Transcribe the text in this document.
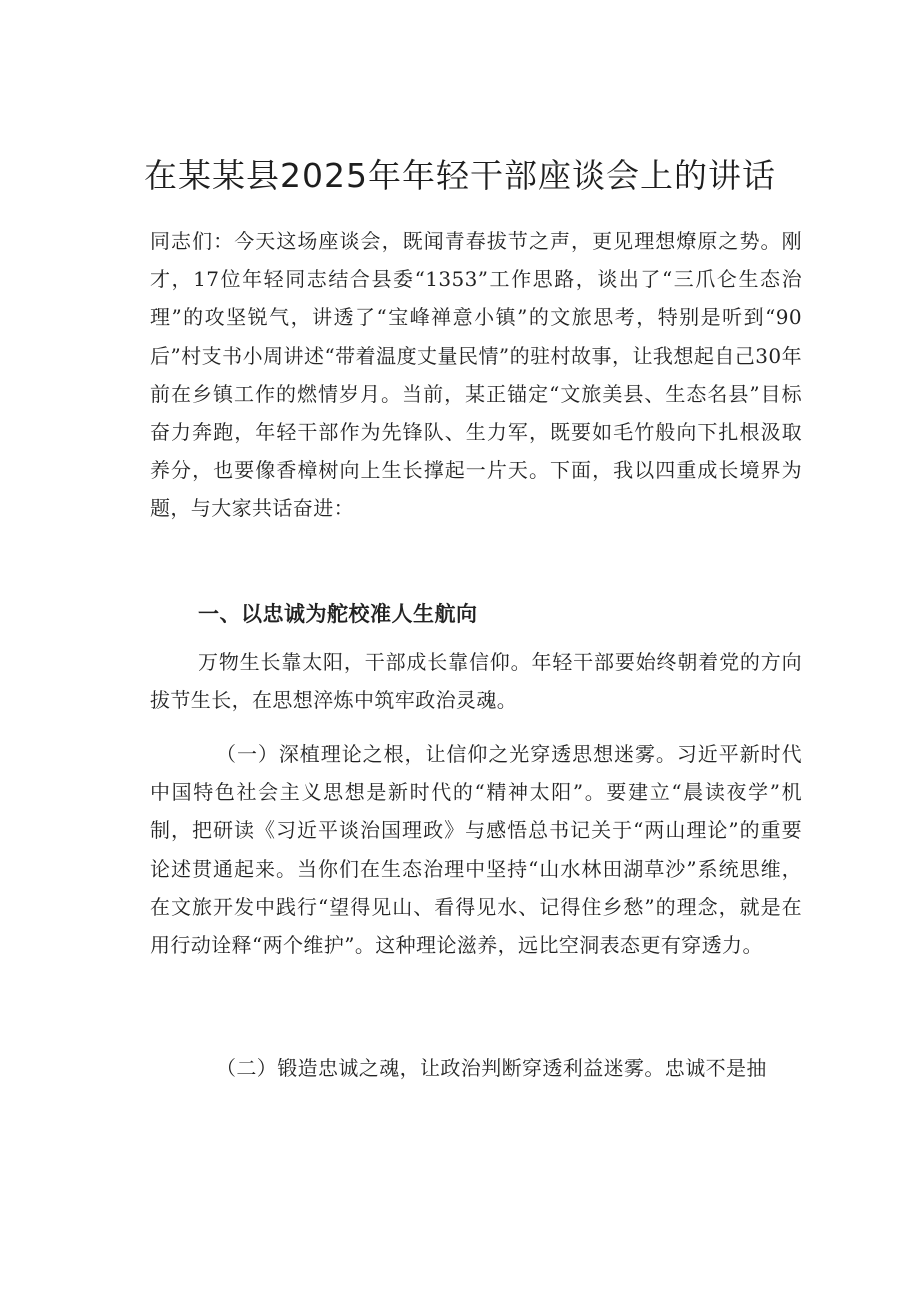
在某某县2025年年轻干部座谈会上的讲话

同志们：今天这场座谈会，既闻青春拔节之声，更见理想燎原之势。刚才，17位年轻同志结合县委“1353”工作思路，谈出了“三爪仑生态治理”的攻坚锐气，讲透了“宝峰禅意小镇”的文旅思考，特别是听到“90后”村支书小周讲述“带着温度丈量民情”的驻村故事，让我想起自己30年前在乡镇工作的燃情岁月。当前，某正锚定“文旅美县、生态名县”目标奋力奔跑，年轻干部作为先锋队、生力军，既要如毛竹般向下扎根汲取养分，也要像香樟树向上生长撑起一片天。下面，我以四重成长境界为题，与大家共话奋进：

一、以忠诚为舵校准人生航向

万物生长靠太阳，干部成长靠信仰。年轻干部要始终朝着党的方向拔节生长，在思想淬炼中筑牢政治灵魂。

（一）深植理论之根，让信仰之光穿透思想迷雾。习近平新时代中国特色社会主义思想是新时代的“精神太阳”。要建立“晨读夜学”机制，把研读《习近平谈治国理政》与感悟总书记关于“两山理论”的重要论述贯通起来。当你们在生态治理中坚持“山水林田湖草沙”系统思维，在文旅开发中践行“望得见山、看得见水、记得住乡愁”的理念，就是在用行动诠释“两个维护”。这种理论滋养，远比空洞表态更有穿透力。

（二）锻造忠诚之魂，让政治判断穿透利益迷雾。忠诚不是抽
